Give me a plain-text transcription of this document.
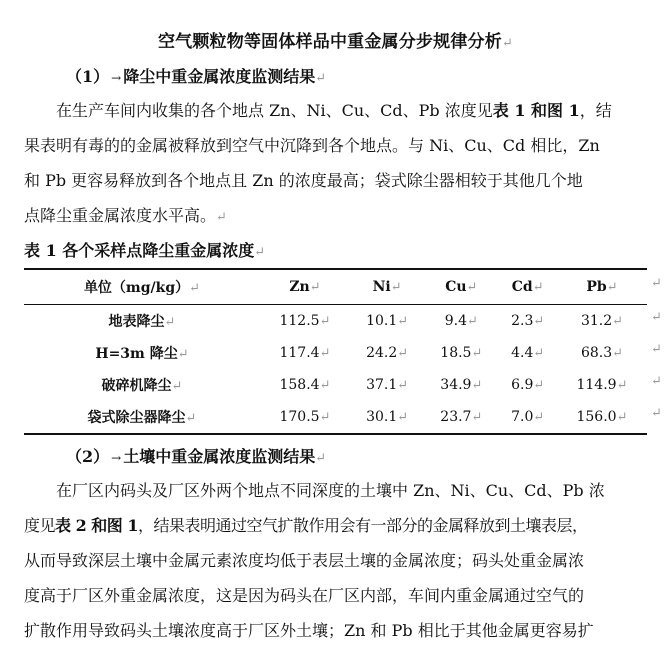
空气颗粒物等固体样品中重金属分步规律分析↵
（1） → 降尘中重金属浓度监测结果↵
在生产车间内收集的各个地点 Zn、Ni、Cu、Cd、Pb 浓度见表 1 和图 1，结
果表明有毒的的金属被释放到空气中沉降到各个地点。与 Ni、Cu、Cd 相比，Zn
和 Pb 更容易释放到各个地点且 Zn 的浓度最高；袋式除尘器相较于其他几个地
点降尘重金属浓度水平高。↵
表 1 各个采样点降尘重金属浓度↵
单位（mg/kg）↵	Zn↵	Ni↵	Cu↵	Cd↵	Pb↵
地表降尘↵	112.5↵	10.1↵	9.4↵	2.3↵	31.2↵
H=3m 降尘↵	117.4↵	24.2↵	18.5↵	4.4↵	68.3↵
破碎机降尘↵	158.4↵	37.1↵	34.9↵	6.9↵	114.9↵
袋式除尘器降尘↵	170.5↵	30.1↵	23.7↵	7.0↵	156.0↵
↵
↵
↵
↵
↵
（2） → 土壤中重金属浓度监测结果↵
在厂区内码头及厂区外两个地点不同深度的土壤中 Zn、Ni、Cu、Cd、Pb 浓
度见表 2 和图 1，结果表明通过空气扩散作用会有一部分的金属释放到土壤表层，
从而导致深层土壤中金属元素浓度均低于表层土壤的金属浓度；码头处重金属浓
度高于厂区外重金属浓度，这是因为码头在厂区内部，车间内重金属通过空气的
扩散作用导致码头土壤浓度高于厂区外土壤；Zn 和 Pb 相比于其他金属更容易扩
